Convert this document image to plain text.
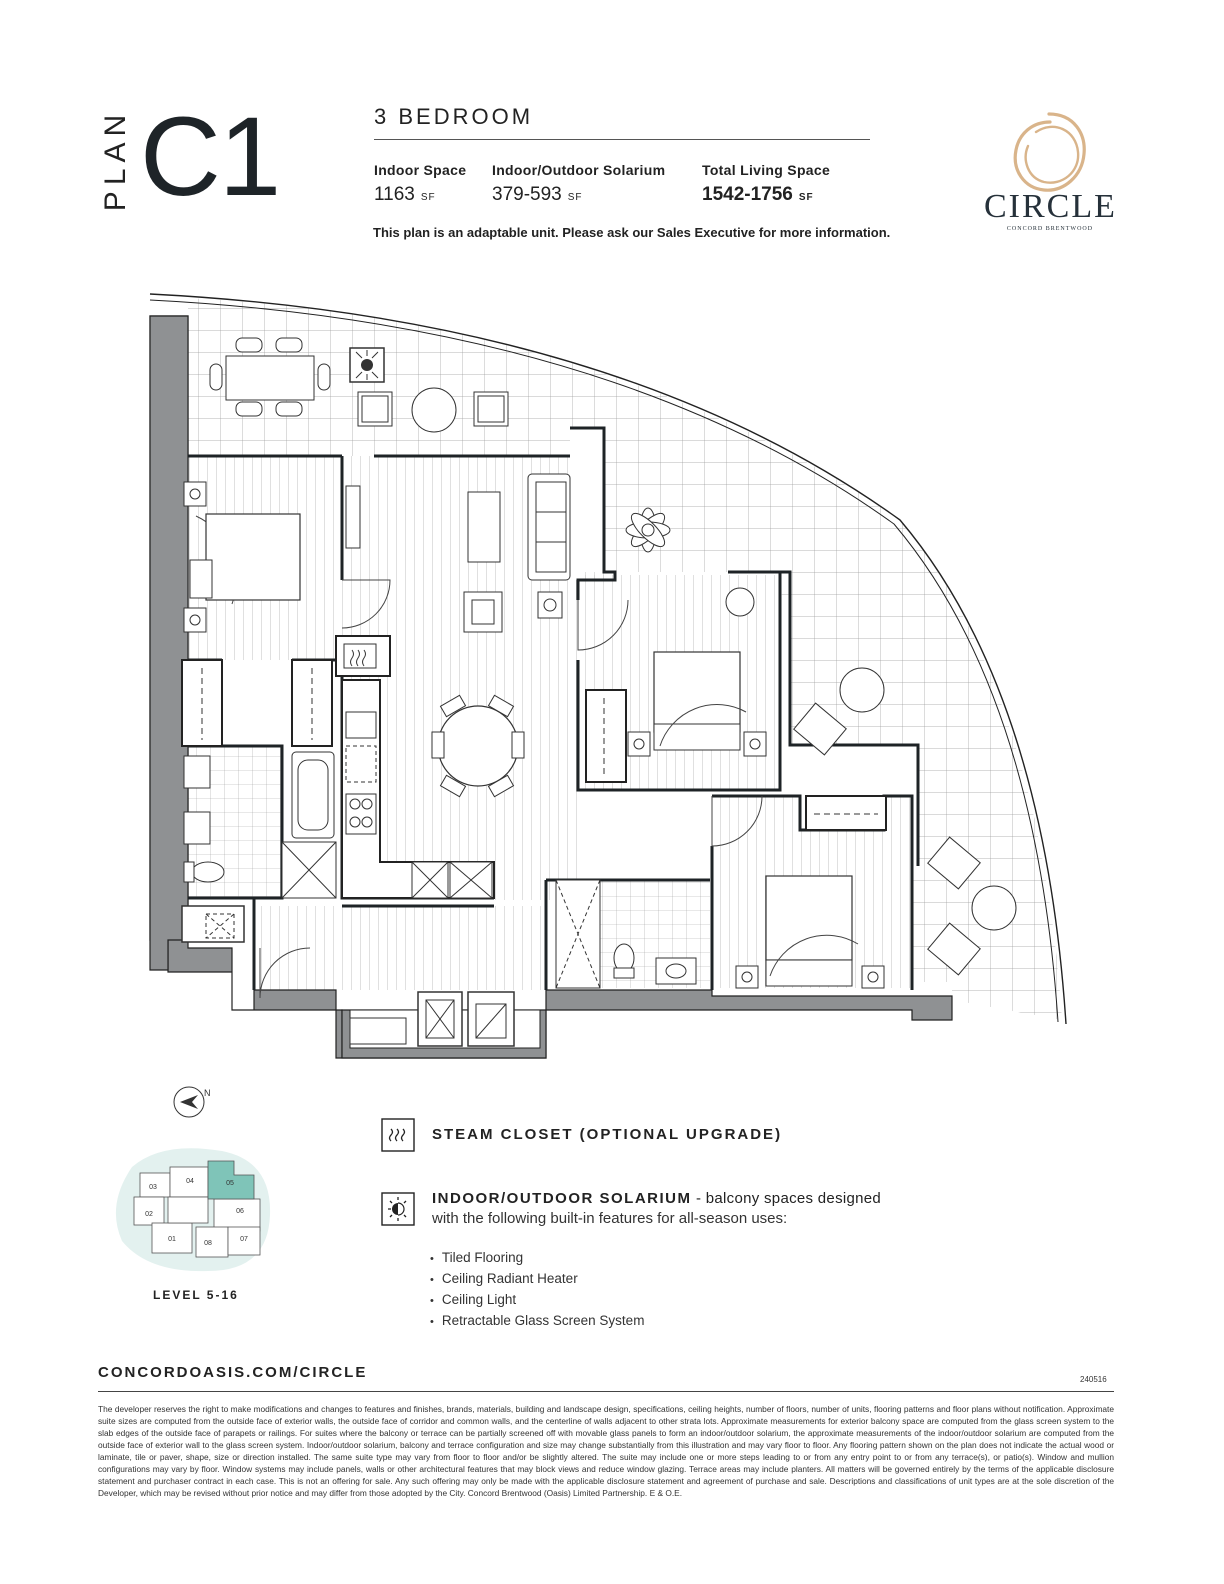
PLAN C1	3 BEDROOM
Indoor Space Indoor/Outdoor Solarium	Total Living Space
1163 SF	379-593 SF	1542-1756 SF
This plan is an adaptable unit. Please ask our Sales Executive for more information.
CIRCLE
CONCORD BRENTWOOD
N
03
04	05
02	06
01
08
07
LEVEL 5-16
STEAM CLOSET (OPTIONAL UPGRADE)
INDOOR/OUTDOOR SOLARIUM - balcony spaces designed
with the following built-in features for all-season uses:
• Tiled Flooring
• Ceiling Radiant Heater
• Ceiling Light
• Retractable Glass Screen System
CONCORDOASIS.COM/CIRCLE	240516
The developer reserves the right to make modifications and changes to features and finishes, brands, materials, building and landscape design, specifications, ceiling heights, number of floors, number of units, flooring patterns and floor plans without notification. Approximate suite sizes are computed from the outside face of exterior walls, the outside face of corridor and common walls, and the centerline of walls adjacent to other strata lots. Approximate measurements for exterior balcony space are computed from the glass screen system to the slab edges of the outside face of parapets or railings. For suites where the balcony or terrace can be partially screened off with movable glass panels to form an indoor/outdoor solarium, the approximate measurements of the indoor/outdoor solarium are computed from the outside face of exterior wall to the glass screen system. Indoor/outdoor solarium, balcony and terrace configuration and size may change substantially from this illustration and may vary floor to floor. Any flooring pattern shown on the plan does not indicate the actual wood or laminate, tile or paver, shape, size or direction installed. The same suite type may vary from floor to floor and/or be slightly altered. The suite may include one or more steps leading to or from any entry point to or from any terrace(s), or patio(s). Window and mullion configurations may vary by floor. Window systems may include panels, walls or other architectural features that may block views and reduce window glazing. Terrace areas may include planters. All matters will be governed entirely by the terms of the applicable disclosure statement and purchaser contract in each case. This is not an offering for sale. Any such offering may only be made with the applicable disclosure statement and agreement of purchase and sale. Descriptions and classifications of unit types are at the sole discretion of the Developer, which may be revised without prior notice and may differ from those adopted by the City. Concord Brentwood (Oasis) Limited Partnership. E & O.E.
